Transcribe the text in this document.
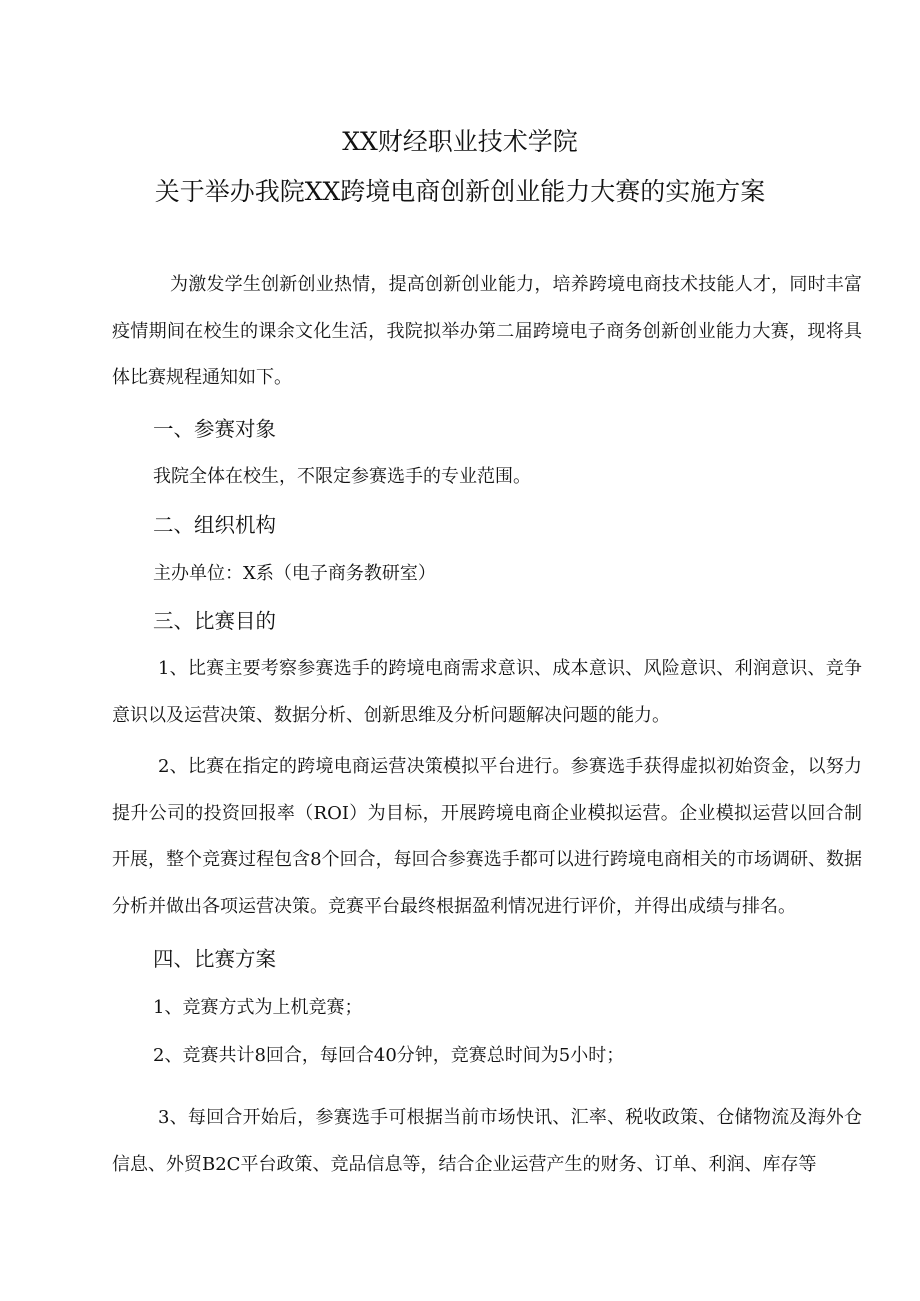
XX财经职业技术学院
关于举办我院XX跨境电商创新创业能力大赛的实施方案

为激发学生创新创业热情，提高创新创业能力，培养跨境电商技术技能人才，同时丰富疫情期间在校生的课余文化生活，我院拟举办第二届跨境电子商务创新创业能力大赛，现将具体比赛规程通知如下。

一、参赛对象
我院全体在校生，不限定参赛选手的专业范围。
二、组织机构
主办单位：X系（电子商务教研室）
三、比赛目的

1、比赛主要考察参赛选手的跨境电商需求意识、成本意识、风险意识、利润意识、竞争意识以及运营决策、数据分析、创新思维及分析问题解决问题的能力。

2、比赛在指定的跨境电商运营决策模拟平台进行。参赛选手获得虚拟初始资金，以努力提升公司的投资回报率（ROI）为目标，开展跨境电商企业模拟运营。企业模拟运营以回合制开展，整个竞赛过程包含8个回合，每回合参赛选手都可以进行跨境电商相关的市场调研、数据分析并做出各项运营决策。竞赛平台最终根据盈利情况进行评价，并得出成绩与排名。

四、比赛方案
1、竞赛方式为上机竞赛；
2、竞赛共计8回合，每回合40分钟，竞赛总时间为5小时；

3、每回合开始后，参赛选手可根据当前市场快讯、汇率、税收政策、仓储物流及海外仓信息、外贸B2C平台政策、竞品信息等，结合企业运营产生的财务、订单、利润、库存等
